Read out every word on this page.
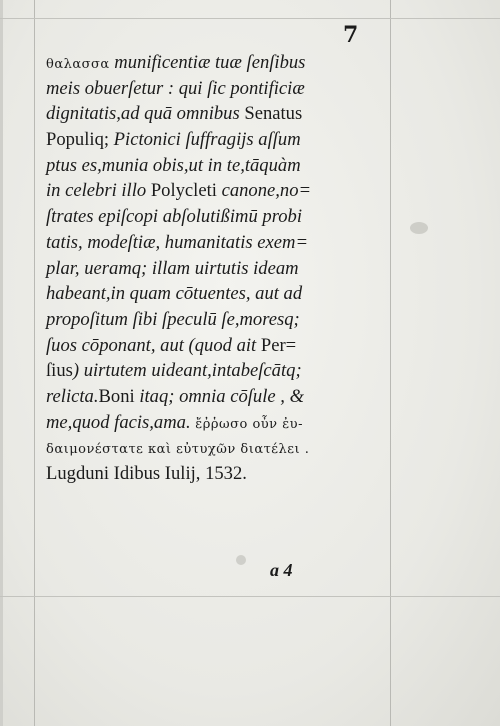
7
θαλασσα munificentiæ tuæ ſenſibus
meis obuerſetur : qui ſic pontificiæ
dignitatis,ad quā omnibus Senatus
Populiq; Pictonici ſuffragijs aſſum
ptus es,munia obis,ut in te,tāquàm
in celebri illo Polycleti canone,no=
ſtrates epiſcopi abſolutißimū probi
tatis, modeſtiæ, humanitatis exem=
plar, ueramq; illam uirtutis ideam
habeant,in quam cōtuentes, aut ad
propoſitum ſibi ſpeculū ſe,moresq;
ſuos cōponant, aut (quod ait Per=
ſius) uirtutem uideant,intabeſcātq;
relicta.Boni itaq; omnia cōſule , &
me,quod facis,ama. ἔῤῥωσο οὖν ἐυ-
δαιμονέστατε καὶ εὐτυχῶν διατέλει .
Lugduni Idibus Iulij, 1532.
a 4
